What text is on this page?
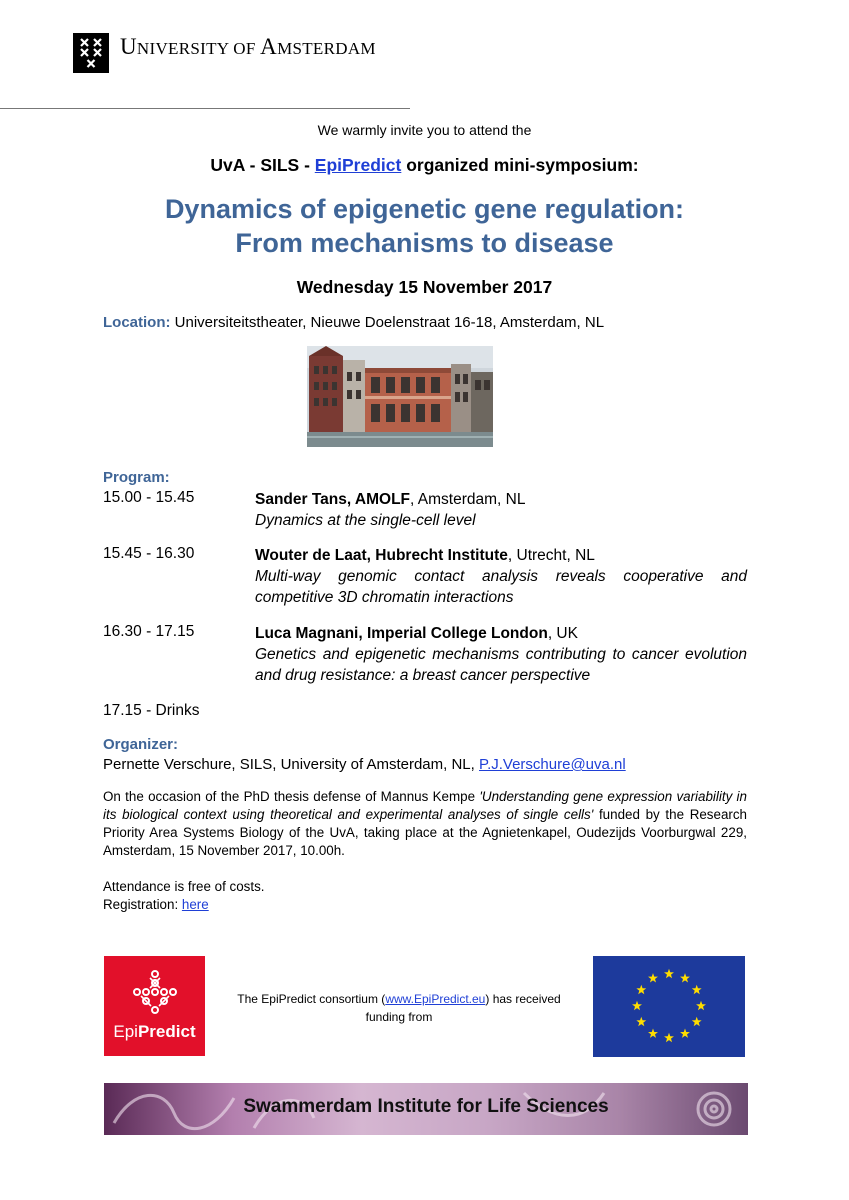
UNIVERSITY OF AMSTERDAM
We warmly invite you to attend the
UvA - SILS - EpiPredict organized mini-symposium:
Dynamics of epigenetic gene regulation:
From mechanisms to disease
Wednesday 15 November 2017
Location: Universiteitstheater, Nieuwe Doelenstraat 16-18, Amsterdam, NL
Program:
15.00 - 15.45	Sander Tans, AMOLF, Amsterdam, NL
Dynamics at the single-cell level
15.45 - 16.30	Wouter de Laat, Hubrecht Institute, Utrecht, NL
Multi-way genomic contact analysis reveals cooperative and competitive 3D chromatin interactions
16.30 - 17.15	Luca Magnani, Imperial College London, UK
Genetics and epigenetic mechanisms contributing to cancer evolution and drug resistance: a breast cancer perspective
17.15 - Drinks
Organizer:
Pernette Verschure, SILS, University of Amsterdam, NL, P.J.Verschure@uva.nl
On the occasion of the PhD thesis defense of Mannus Kempe 'Understanding gene expression variability in its biological context using theoretical and experimental analyses of single cells' funded by the Research Priority Area Systems Biology of the UvA, taking place at the Agnietenkapel, Oudezijds Voorburgwal 229, Amsterdam, 15 November 2017, 10.00h.
Attendance is free of costs.
Registration: here
EpiPredict
The EpiPredict consortium (www.EpiPredict.eu) has received funding from
Swammerdam Institute for Life Sciences
